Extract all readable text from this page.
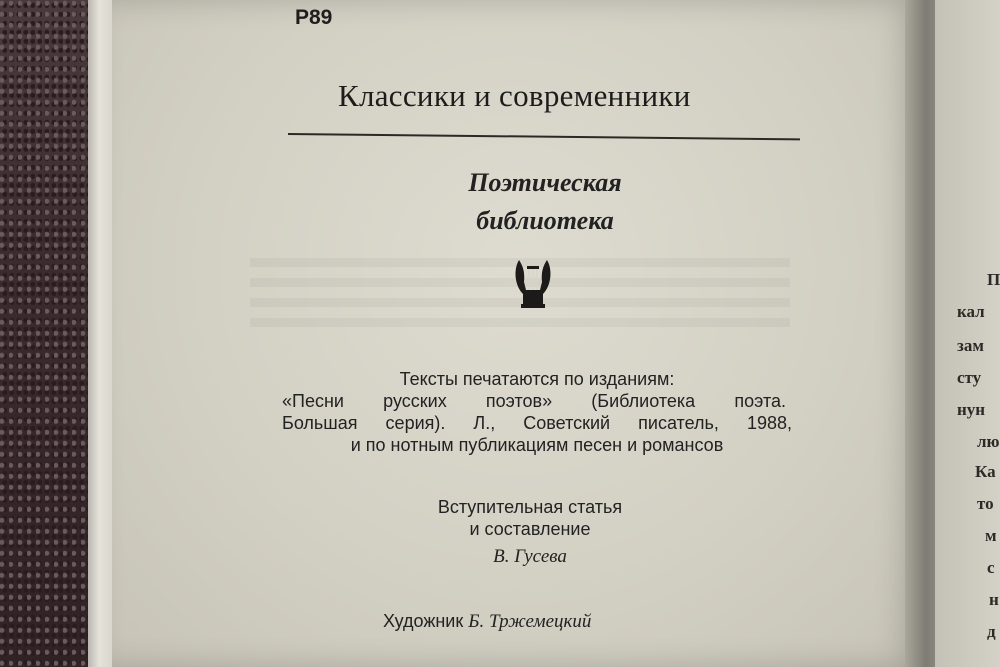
П
кал
зам
сту
нун
лю
Ка
то
м
с
н
д
Р89
Классики и современники
Поэтическая
библиотека
Тексты печатаются по изданиям:
«Песни русских поэтов» (Библиотека поэта.
Большая серия). Л., Советский писатель, 1988,
и по нотным публикациям песен и романсов
Вступительная статья
и составление
В. Гусева
Художник Б. Тржемецкий
